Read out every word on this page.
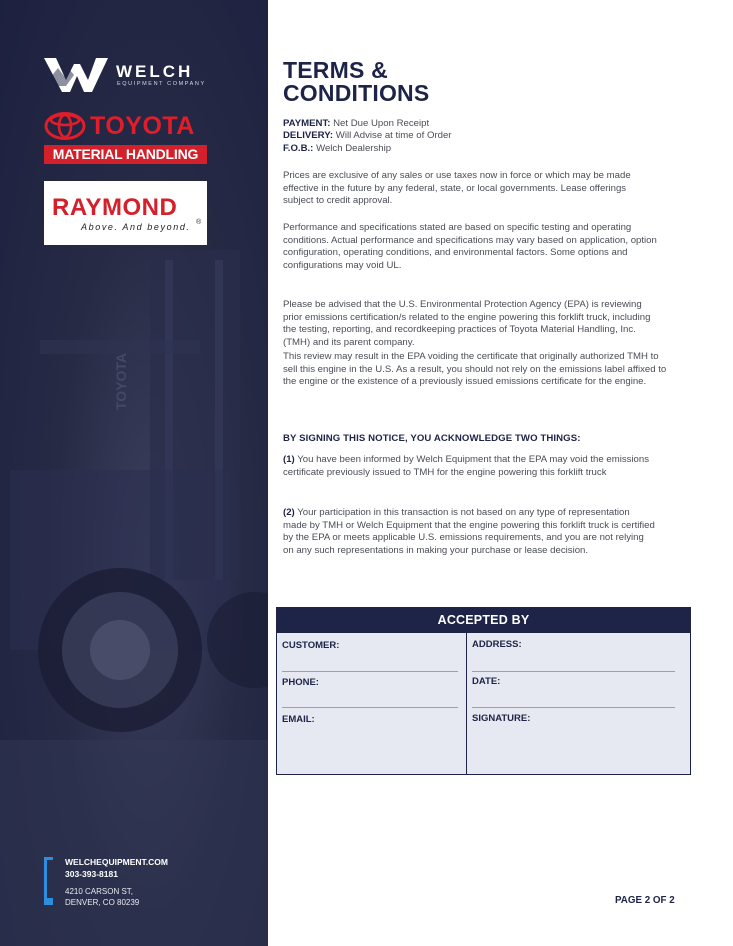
TOYOTA
WELCH
EQUIPMENT COMPANY
TOYOTA
MATERIAL HANDLING
RAYMOND
Above. And beyond. ®
WELCHEQUIPMENT.COM
303-393-8181
4210 CARSON ST,
DENVER, CO 80239
TERMS &
CONDITIONS
PAYMENT: Net Due Upon Receipt
DELIVERY: Will Advise at time of Order
F.O.B.: Welch Dealership

Prices are exclusive of any sales or use taxes now in force or which may be made effective in the future by any federal, state, or local governments. Lease offerings subject to credit approval.

Performance and specifications stated are based on specific testing and operating conditions. Actual performance and specifications may vary based on application, option configuration, operating conditions, and environmental factors. Some options and configurations may void UL.

Please be advised that the U.S. Environmental Protection Agency (EPA) is reviewing prior emissions certification/s related to the engine powering this forklift truck, including the testing, reporting, and recordkeeping practices of Toyota Material Handling, Inc. (TMH) and its parent company.

This review may result in the EPA voiding the certificate that originally authorized TMH to sell this engine in the U.S. As a result, you should not rely on the emissions label affixed to the engine or the existence of a previously issued emissions certificate for the engine.

BY SIGNING THIS NOTICE, YOU ACKNOWLEDGE TWO THINGS:

(1) You have been informed by Welch Equipment that the EPA may void the emissions certificate previously issued to TMH for the engine powering this forklift truck

(2) Your participation in this transaction is not based on any type of representation made by TMH or Welch Equipment that the engine powering this forklift truck is certified by the EPA or meets applicable U.S. emissions requirements, and you are not relying on any such representations in making your purchase or lease decision.

ACCEPTED BY
CUSTOMER:
PHONE:
EMAIL:
ADDRESS:
DATE:
SIGNATURE:
PAGE 2 OF 2
